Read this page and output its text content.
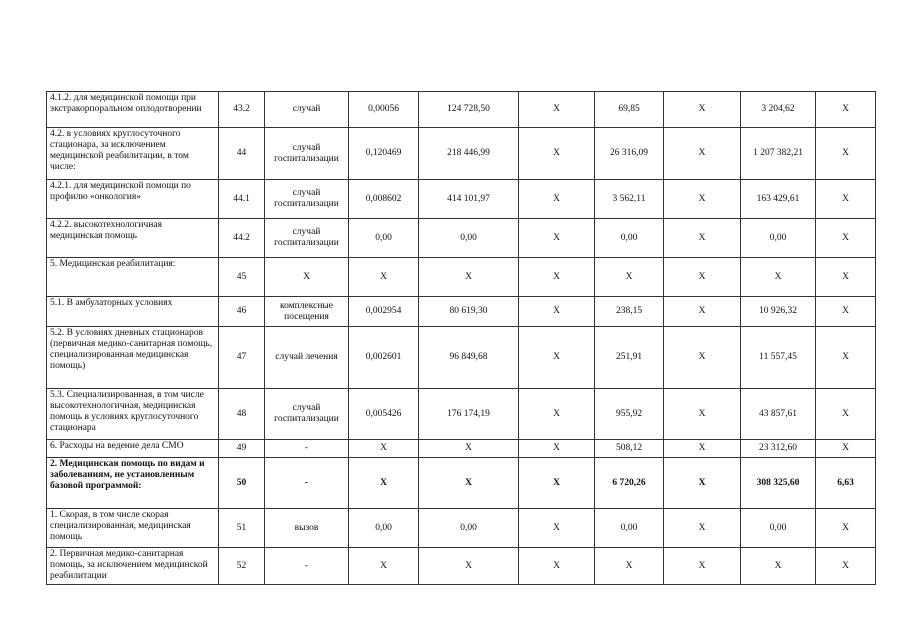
4.1.2. для медицинской помощи при экстракорпоральном оплодотворении	43.2	случай	0,00056	124 728,50	X	69,85	X	3 204,62	X
4.2. в условиях круглосуточного стационара, за исключением медицинской реабилитации, в том числе:	44	случай госпитализации	0,120469	218 446,99	X	26 316,09	X	1 207 382,21	X
4.2.1. для медицинской помощи по профилю «онкология»	44.1	случай госпитализации	0,008602	414 101,97	X	3 562,11	X	163 429,61	X
4.2.2. высокотехнологичная медицинская помощь	44.2	случай госпитализации	0,00	0,00	X	0,00	X	0,00	X
5. Медицинская реабилитация:	45	X	X	X	X	X	X	X	X
5.1. В амбулаторных условиях	46	комплексные посещения	0,002954	80 619,30	X	238,15	X	10 926,32	X
5.2. В условиях дневных стационаров (первичная медико-санитарная помощь, специализированная медицинская помощь)	47	случай лечения	0,002601	96 849,68	X	251,91	X	11 557,45	X
5.3. Специализированная, в том числе высокотехнологичная, медицинская помощь в условиях круглосуточного стационара	48	случай госпитализации	0,005426	176 174,19	X	955,92	X	43 857,61	X
6. Расходы на ведение дела СМО	49	-	X	X	X	508,12	X	23 312,60	X
2. Медицинская помощь по видам и заболеваниям, не установленным базовой программой:	50	-	X	X	X	6 720,26	X	308 325,60	6,63
1. Скорая, в том числе скорая специализированная, медицинская помощь	51	вызов	0,00	0,00	X	0,00	X	0,00	X
2. Первичная медико-санитарная помощь, за исключением медицинской реабилитации	52	-	X	X	X	X	X	X	X
